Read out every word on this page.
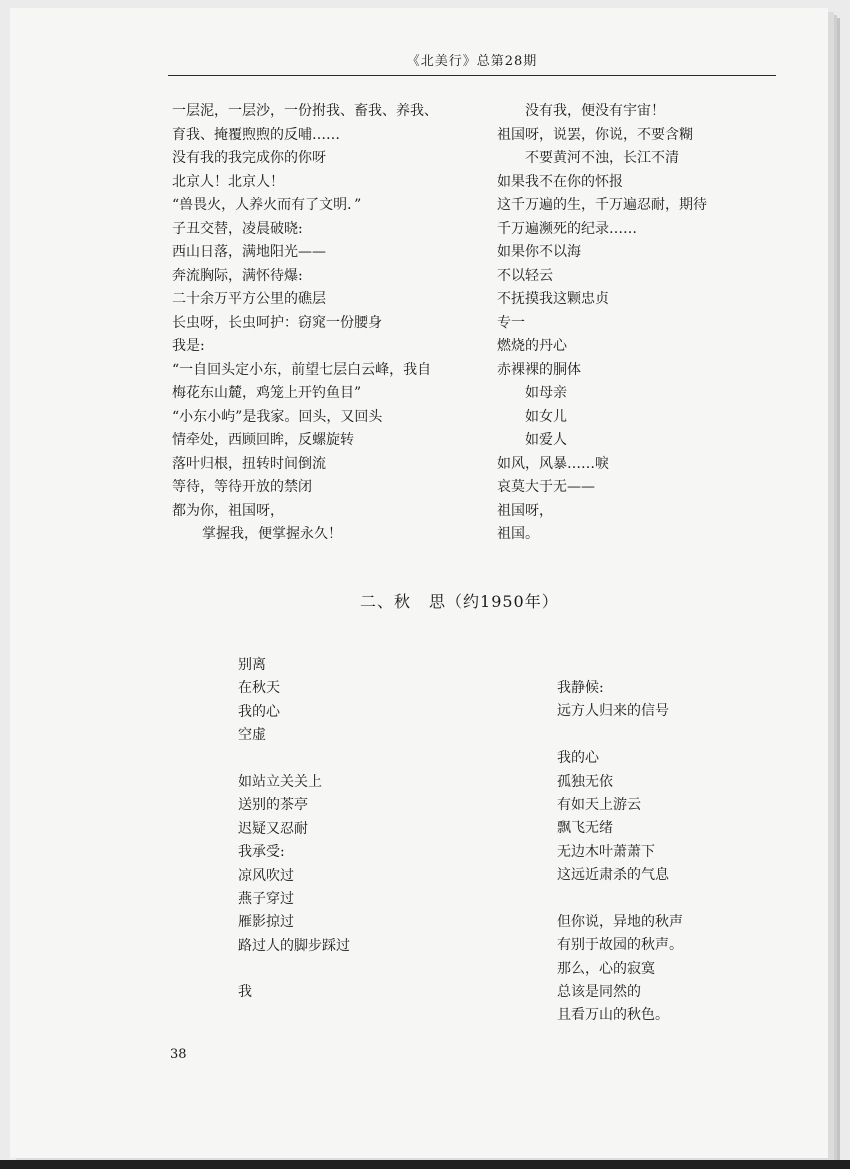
《北美行》总第28期
一层泥，一层沙，一份拊我、畜我、养我、
育我、掩覆煦煦的反哺……
没有我的我完成你的你呀
北京人！北京人！
“兽畏火，人养火而有了文明．”
子丑交替，凌晨破晓:
西山日落，满地阳光——
奔流胸际，满怀待爆:
二十余万平方公里的礁层
长虫呀，长虫呵护：窃窕一份腰身
我是:
“一自回头定小东，前望七层白云峰，我自
梅花东山麓，鸡笼上开钓鱼目”
“小东小屿”是我家。回头，又回头
情牵处，西顾回眸，反螺旋转
落叶归根，扭转时间倒流
等待，等待开放的禁闭
都为你，祖国呀，
掌握我，便掌握永久！
没有我，便没有宇宙！
祖国呀，说罢，你说，不要含糊
不要黄河不浊，长江不清
如果我不在你的怀报
这千万遍的生，千万遍忍耐，期待
千万遍濒死的纪录……
如果你不以海
不以轻云
不抚摸我这颗忠贞
专一
燃烧的丹心
赤裸裸的胴体
如母亲
如女儿
如爱人
如风，风暴……唳
哀莫大于无——
祖国呀，
祖国。
二、秋 思（约1950年）
别离
在秋天
我的心
空虚
如站立关关上
送别的茶亭
迟疑又忍耐
我承受:
凉风吹过
燕子穿过
雁影掠过
路过人的脚步踩过
我
我静候:
远方人归来的信号
我的心
孤独无依
有如天上游云
飘飞无绪
无边木叶萧萧下
这远近肃杀的气息
但你说，异地的秋声
有别于故园的秋声。
那么，心的寂寞
总该是同然的
且看万山的秋色。
38
